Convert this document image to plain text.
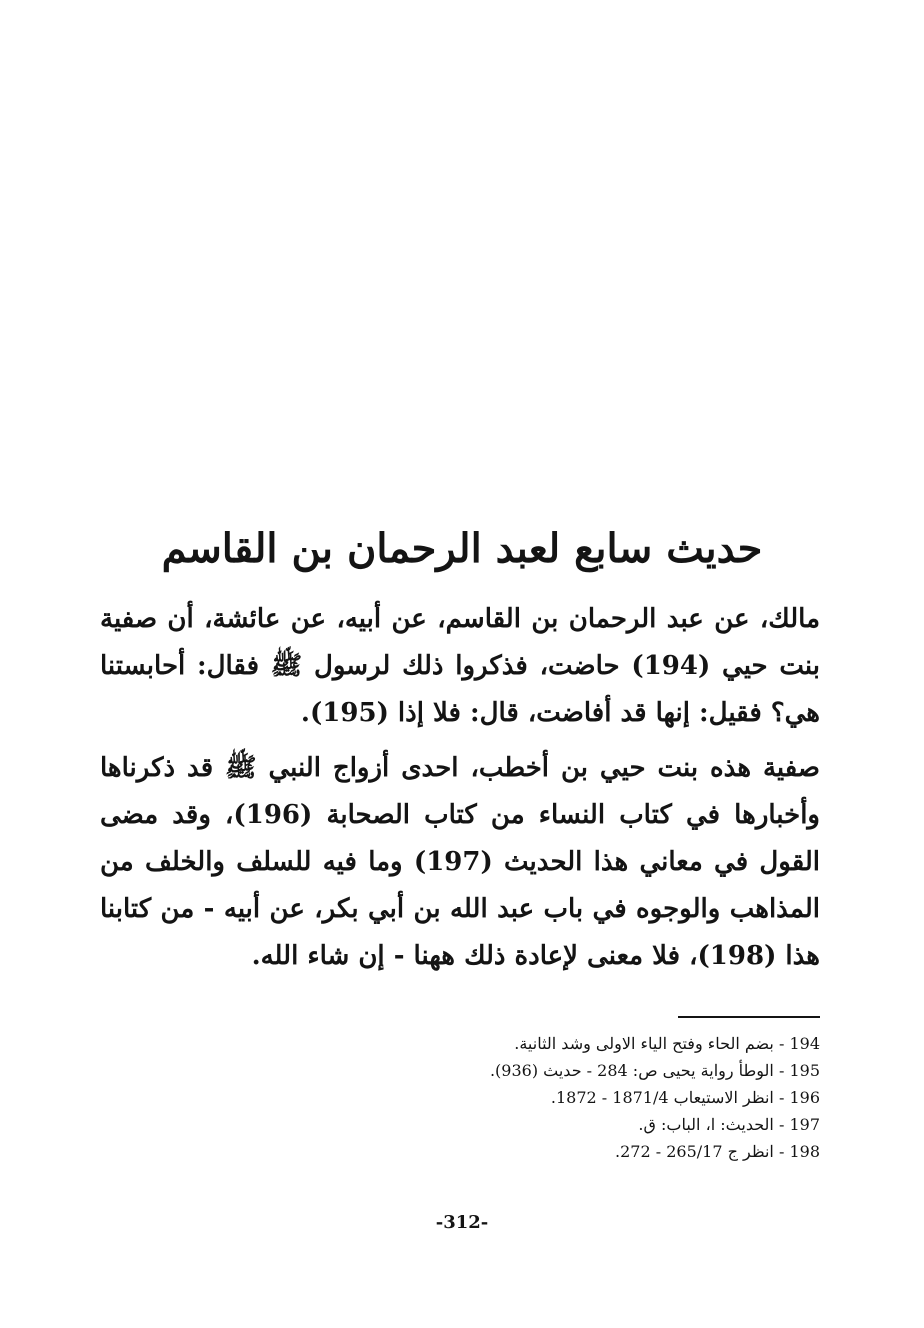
حديث سابع لعبد الرحمان بن القاسم

مالك، عن عبد الرحمان بن القاسم، عن أبيه، عن عائشة، أن صفية بنت حيي (194) حاضت، فذكروا ذلك لرسول ﷺ فقال: أحابستنا هي؟ فقيل: إنها قد أفاضت، قال: فلا إذا (195).

صفية هذه بنت حيي بن أخطب، احدى أزواج النبي ﷺ قد ذكرناها وأخبارها في كتاب النساء من كتاب الصحابة (196)، وقد مضى القول في معاني هذا الحديث (197) وما فيه للسلف والخلف من المذاهب والوجوه في باب عبد الله بن أبي بكر، عن أبيه - من كتابنا هذا (198)، فلا معنى لإعادة ذلك ههنا - إن شاء الله.

194 - بضم الحاء وفتح الياء الاولى وشد الثانية.
195 - الوطأ رواية يحيى ص: 284 - حديث (936).
196 - انظر الاستيعاب 1871/4 - 1872.
197 - الحديث: ا، الباب: ق.
198 - انظر ج 265/17 - 272.
-312-
